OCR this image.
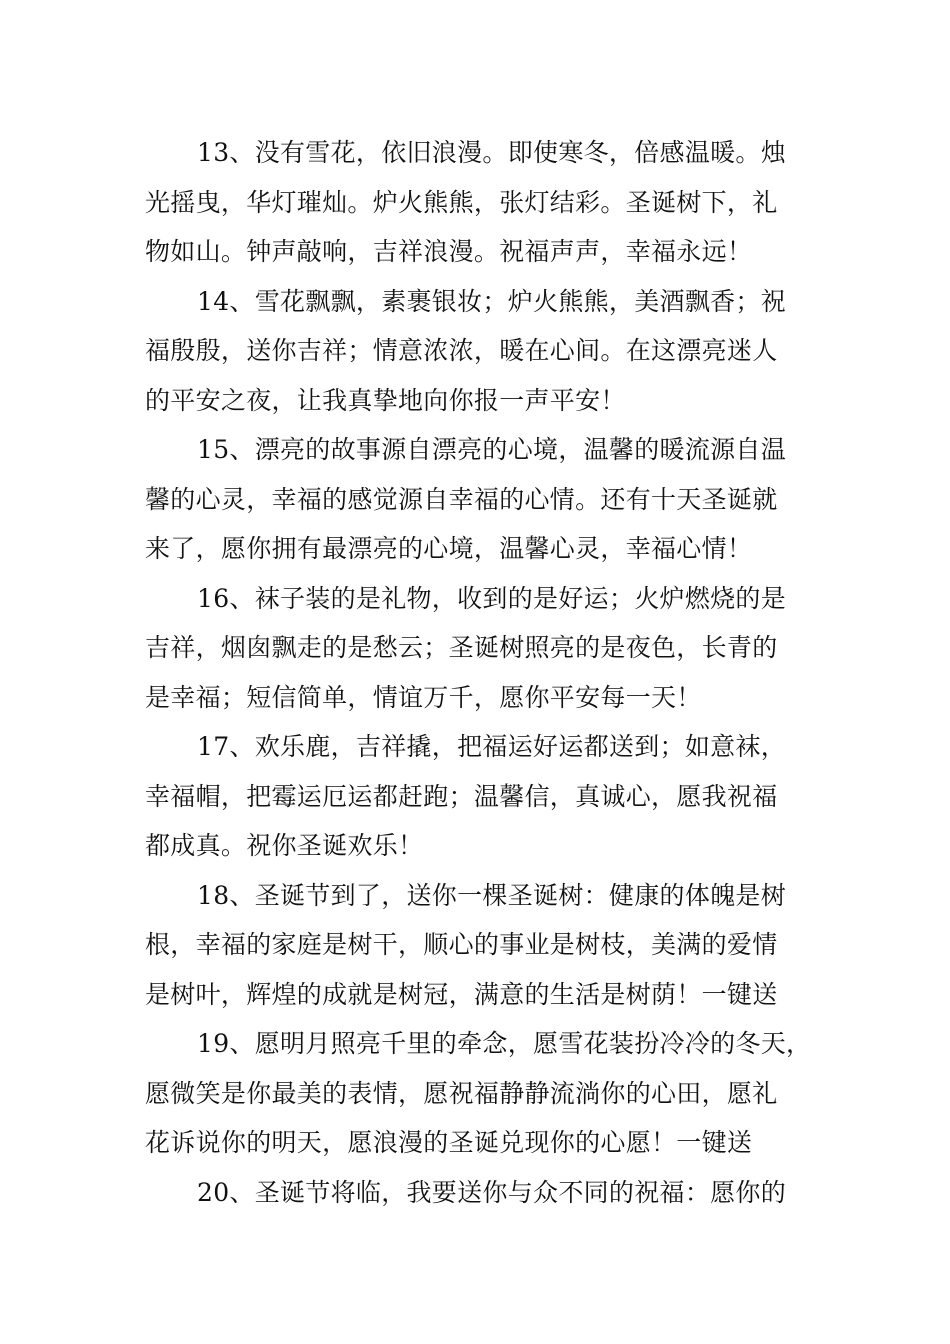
13、没有雪花，依旧浪漫。即使寒冬，倍感温暖。烛
光摇曳，华灯璀灿。炉火熊熊，张灯结彩。圣诞树下，礼
物如山。钟声敲响，吉祥浪漫。祝福声声，幸福永远！

14、雪花飘飘，素裹银妆；炉火熊熊，美酒飘香；祝
福殷殷，送你吉祥；情意浓浓，暖在心间。在这漂亮迷人
的平安之夜，让我真挚地向你报一声平安！

15、漂亮的故事源自漂亮的心境，温馨的暖流源自温
馨的心灵，幸福的感觉源自幸福的心情。还有十天圣诞就
来了，愿你拥有最漂亮的心境，温馨心灵，幸福心情！

16、袜子装的是礼物，收到的是好运；火炉燃烧的是
吉祥，烟囱飘走的是愁云；圣诞树照亮的是夜色，长青的
是幸福；短信简单，情谊万千，愿你平安每一天！

17、欢乐鹿，吉祥撬，把福运好运都送到；如意袜，
幸福帽，把霉运厄运都赶跑；温馨信，真诚心，愿我祝福
都成真。祝你圣诞欢乐！

18、圣诞节到了，送你一棵圣诞树：健康的体魄是树
根，幸福的家庭是树干，顺心的事业是树枝，美满的爱情
是树叶，辉煌的成就是树冠，满意的生活是树荫！一键送

19、愿明月照亮千里的牵念，愿雪花装扮冷冷的冬天，
愿微笑是你最美的表情，愿祝福静静流淌你的心田，愿礼
花诉说你的明天，愿浪漫的圣诞兑现你的心愿！一键送

20、圣诞节将临，我要送你与众不同的祝福：愿你的
